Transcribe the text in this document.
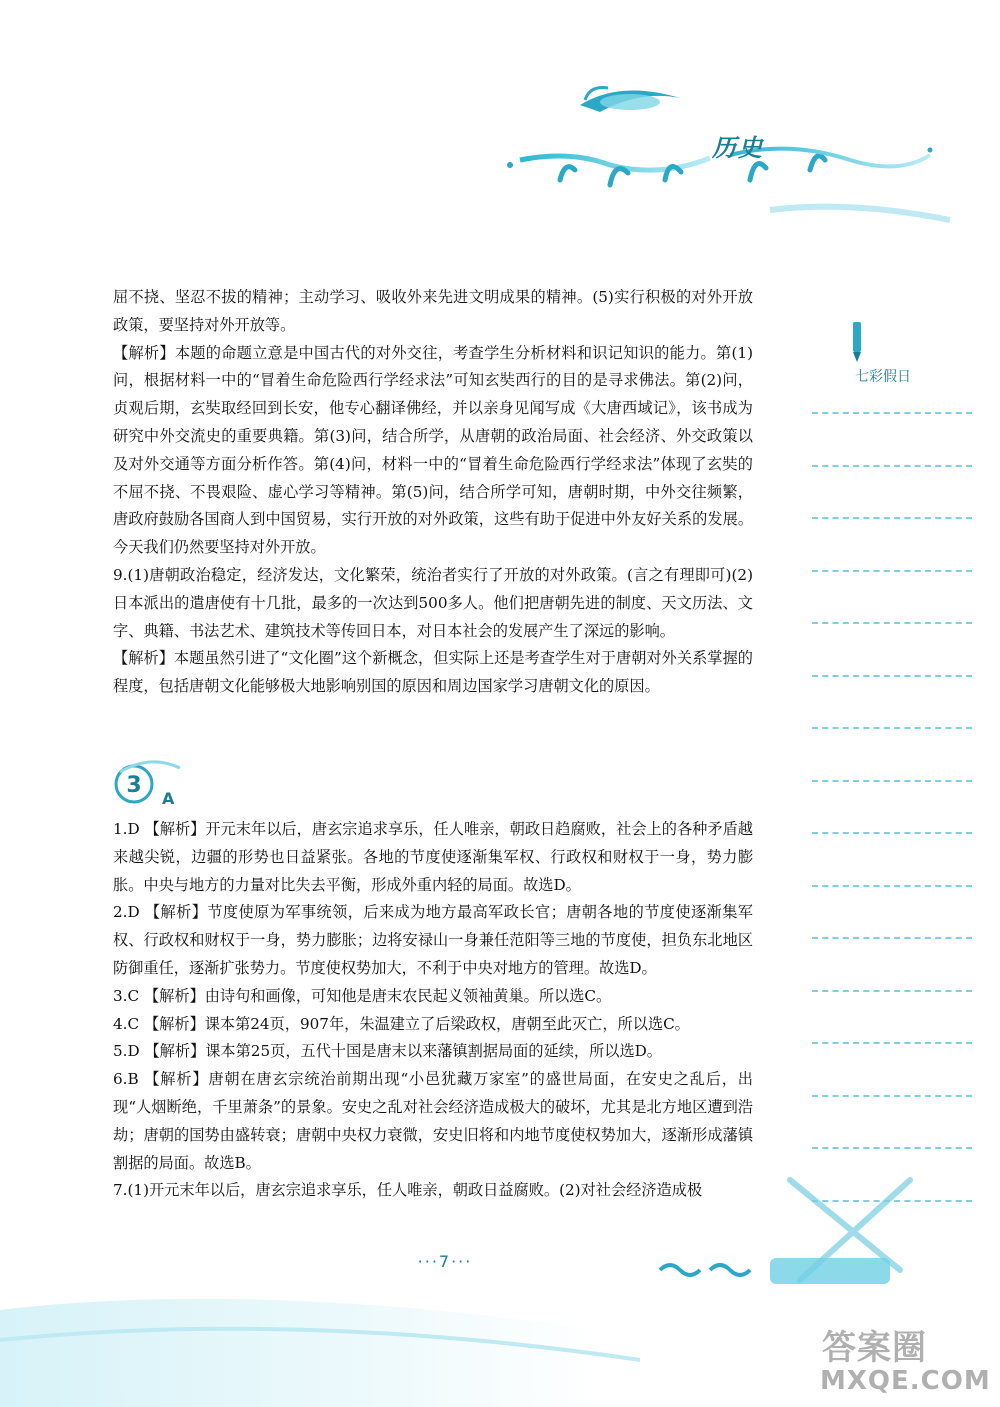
历史
七彩假日

屈不挠、坚忍不拔的精神；主动学习、吸收外来先进文明成果的精神。(5)实行积极的对外开放政策，要坚持对外开放等。

【解析】本题的命题立意是中国古代的对外交往，考查学生分析材料和识记知识的能力。第(1)问，根据材料一中的“冒着生命危险西行学经求法”可知玄奘西行的目的是寻求佛法。第(2)问，贞观后期，玄奘取经回到长安，他专心翻译佛经，并以亲身见闻写成《大唐西域记》，该书成为研究中外交流史的重要典籍。第(3)问，结合所学，从唐朝的政治局面、社会经济、外交政策以及对外交通等方面分析作答。第(4)问，材料一中的“冒着生命危险西行学经求法”体现了玄奘的不屈不挠、不畏艰险、虚心学习等精神。第(5)问，结合所学可知，唐朝时期，中外交往频繁，唐政府鼓励各国商人到中国贸易，实行开放的对外政策，这些有助于促进中外友好关系的发展。今天我们仍然要坚持对外开放。

9.(1)唐朝政治稳定，经济发达，文化繁荣，统治者实行了开放的对外政策。(言之有理即可)(2)日本派出的遣唐使有十几批，最多的一次达到500多人。他们把唐朝先进的制度、天文历法、文字、典籍、书法艺术、建筑技术等传回日本，对日本社会的发展产生了深远的影响。

【解析】本题虽然引进了“文化圈”这个新概念，但实际上还是考查学生对于唐朝对外关系掌握的程度，包括唐朝文化能够极大地影响别国的原因和周边国家学习唐朝文化的原因。

3
A

1.D 【解析】开元末年以后，唐玄宗追求享乐，任人唯亲，朝政日趋腐败，社会上的各种矛盾越来越尖锐，边疆的形势也日益紧张。各地的节度使逐渐集军权、行政权和财权于一身，势力膨胀。中央与地方的力量对比失去平衡，形成外重内轻的局面。故选D。

2.D 【解析】节度使原为军事统领，后来成为地方最高军政长官；唐朝各地的节度使逐渐集军权、行政权和财权于一身，势力膨胀；边将安禄山一身兼任范阳等三地的节度使，担负东北地区防御重任，逐渐扩张势力。节度使权势加大，不利于中央对地方的管理。故选D。

3.C 【解析】由诗句和画像，可知他是唐末农民起义领袖黄巢。所以选C。

4.C 【解析】课本第24页，907年，朱温建立了后梁政权，唐朝至此灭亡，所以选C。

5.D 【解析】课本第25页，五代十国是唐末以来藩镇割据局面的延续，所以选D。

6.B 【解析】唐朝在唐玄宗统治前期出现“小邑犹藏万家室”的盛世局面，在安史之乱后，出现“人烟断绝，千里萧条”的景象。安史之乱对社会经济造成极大的破坏，尤其是北方地区遭到浩劫；唐朝的国势由盛转衰；唐朝中央权力衰微，安史旧将和内地节度使权势加大，逐渐形成藩镇割据的局面。故选B。

7.(1)开元末年以后，唐玄宗追求享乐，任人唯亲，朝政日益腐败。(2)对社会经济造成极

···7···
答案圈
MXQE.COM
